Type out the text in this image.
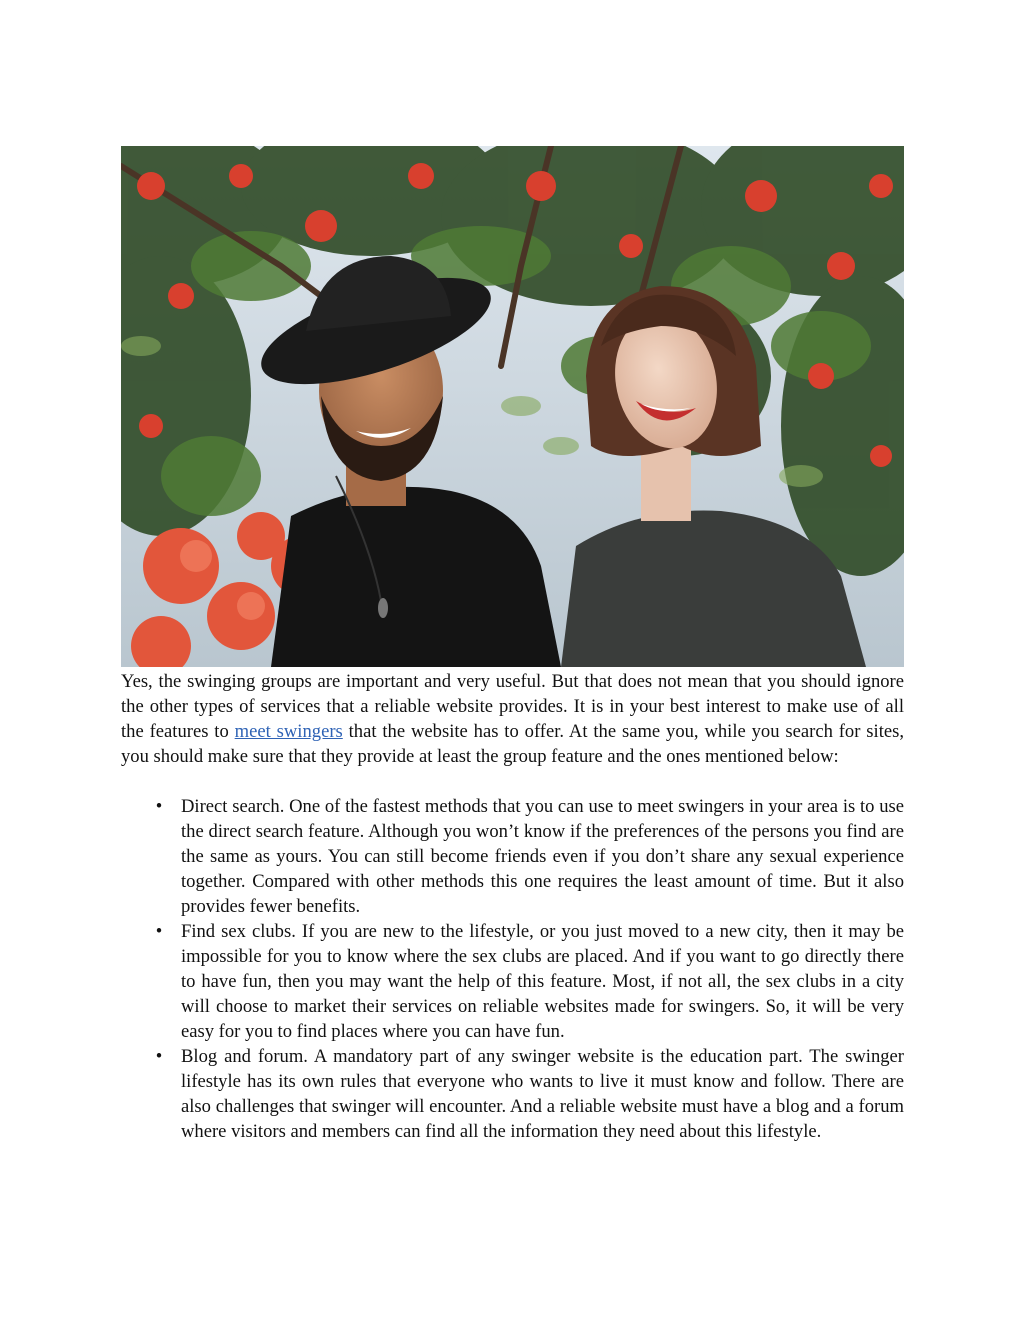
Yes, the swinging groups are important and very useful. But that does not mean that you should ignore the other types of services that a reliable website provides. It is in your best interest to make use of all the features to meet swingers that the website has to offer. At the same you, while you search for sites, you should make sure that they provide at least the group feature and the ones mentioned below:

• Direct search. One of the fastest methods that you can use to meet swingers in your area is to use the direct search feature. Although you won’t know if the preferences of the persons you find are the same as yours. You can still become friends even if you don’t share any sexual experience together. Compared with other methods this one requires the least amount of time. But it also provides fewer benefits.
• Find sex clubs. If you are new to the lifestyle, or you just moved to a new city, then it may be impossible for you to know where the sex clubs are placed. And if you want to go directly there to have fun, then you may want the help of this feature. Most, if not all, the sex clubs in a city will choose to market their services on reliable websites made for swingers. So, it will be very easy for you to find places where you can have fun.
• Blog and forum. A mandatory part of any swinger website is the education part. The swinger lifestyle has its own rules that everyone who wants to live it must know and follow. There are also challenges that swinger will encounter. And a reliable website must have a blog and a forum where visitors and members can find all the information they need about this lifestyle.
